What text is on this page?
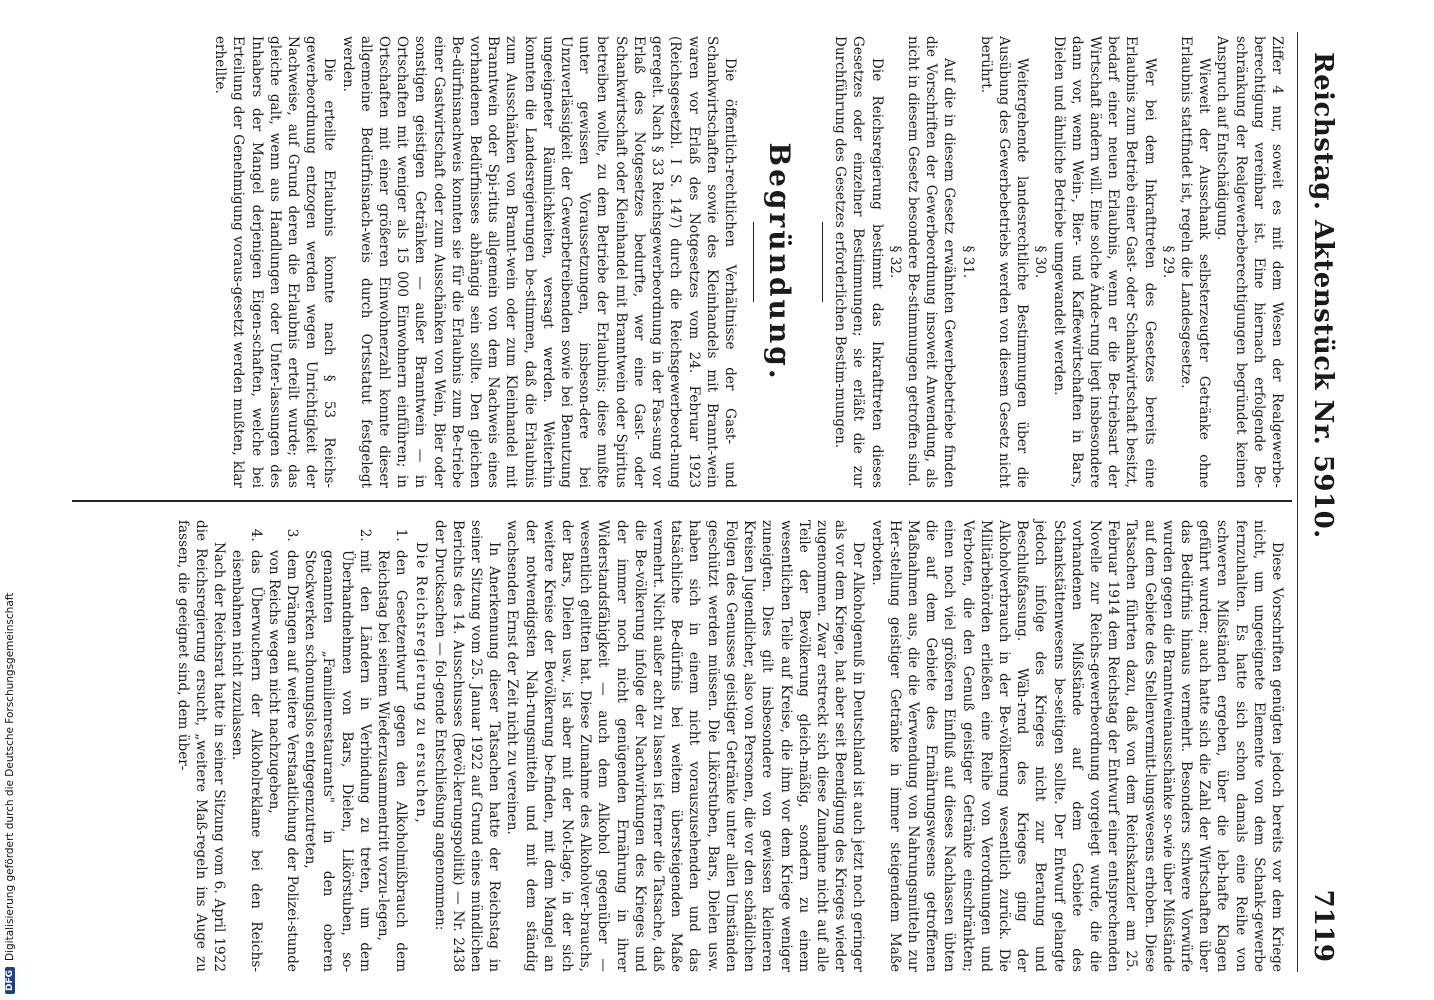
Reichstag. Aktenstück Nr. 5910.
7119

Ziffer 4 nur, soweit es mit dem Wesen der Realgewerbe-berechtigung vereinbar ist. Eine hiernach erfolgende Be-schränkung der Realgewerbeberechtigungen begründet keinen Anspruch auf Entschädigung.

Wieweit der Ausschank selbsterzeugter Getränke ohne Erlaubnis stattfindet ist, regeln die Landesgesetze.

§ 29.

Wer bei dem Inkrafttreten des Gesetzes bereits eine Erlaubnis zum Betrieb einer Gast- oder Schankwirtschaft besitzt, bedarf einer neuen Erlaubnis, wenn er die Be-triebsart der Wirtschaft ändern will. Eine solche Ände-rung liegt insbesondere dann vor, wenn Wein-, Bier- und Kaffeewirtschaften in Bars, Dielen und ähnliche Betriebe umgewandelt werden.

§ 30.

Weitergehende landesrechtliche Bestimmungen über die Ausübung des Gewerbebetriebs werden von diesem Gesetz nicht berührt.

§ 31.

Auf die in diesem Gesetz erwähnten Gewerbebetriebe finden die Vorschriften der Gewerbeordnung insoweit Anwendung, als nicht in diesem Gesetz besondere Be-stimmungen getroffen sind.

§ 32.

Die Reichsregierung bestimmt das Inkrafttreten dieses Gesetzes oder einzelner Bestimmungen; sie erläßt die zur Durchführung des Gesetzes erforderlichen Bestim-mungen.

Begründung.

Die öffentlich-rechtlichen Verhältnisse der Gast- und Schankwirtschaften sowie des Kleinhandels mit Brannt-wein waren vor Erlaß des Notgesetzes vom 24. Februar 1923 (Reichsgesetzbl. I S. 147) durch die Reichsgewerbeord-nung geregelt. Nach § 33 Reichsgewerbeordnung in der Fas-sung vor Erlaß des Notgesetzes bedurfte, wer eine Gast- oder Schankwirtschaft oder Kleinhandel mit Branntwein oder Spiritus betreiben wollte, zu dem Betriebe der Erlaubnis; diese mußte unter gewissen Voraussetzungen, insbeson-dere bei Unzuverlässigkeit der Gewerbetreibenden sowie bei Benutzung ungeeigneter Räumlichkeiten, versagt werden. Weiterhin konnten die Landesregierungen be-stimmen, daß die Erlaubnis zum Ausschänken von Brannt-wein oder zum Kleinhandel mit Branntwein oder Spi-ritus allgemein von dem Nachweis eines vorhandenen Bedürfnisses abhängig sein sollte. Den gleichen Be-dürfnisnachweis konnten sie für die Erlaubnis zum Be-triebe einer Gastwirtschaft oder zum Ausschänken von Wein, Bier oder sonstigen geistigen Getränken — außer Branntwein — in Ortschaften mit weniger als 15 000 Einwohnern einführen; in Ortschaften mit einer größeren Einwohnerzahl konnte dieser allgemeine Bedürfnisnach-weis durch Ortsstatut festgelegt werden.

Die erteilte Erlaubnis konnte nach § 53 Reichs-gewerbeordnung entzogen werden wegen Unrichtigkeit der Nachweise, auf Grund deren die Erlaubnis erteilt wurde; das gleiche galt, wenn aus Handlungen oder Unter-lassungen des Inhabers der Mangel derjenigen Eigen-schaften, welche bei Erteilung der Genehmigung voraus-gesetzt werden mußten, klar erhellte.

Diese Vorschriften genügten jedoch bereits vor dem Kriege nicht, um ungeeignete Elemente von dem Schank-gewerbe fernzuhalten. Es hatte sich schon damals eine Reihe von schweren Mißständen ergeben, über die leb-hafte Klagen geführt wurden; auch hatte sich die Zahl der Wirtschaften über das Bedürfnis hinaus vermehrt. Besonders schwere Vorwürfe wurden gegen die Branntweinausschänke so-wie über Mißstände auf dem Gebiete des Stellenvermitt-lungswesens erhoben. Diese Tatsachen führten dazu, daß von dem Reichskanzler am 25. Februar 1914 dem Reichstag der Entwurf einer entsprechenden Novelle zur Reichs-gewerbeordnung vorgelegt wurde, die die vorhandenen Mißstände auf dem Gebiete des Schankstättenwesens be-seitigen sollte. Der Entwurf gelangte jedoch infolge des Krieges nicht zur Beratung und Beschlußfassung. Wäh-rend des Krieges ging der Alkoholverbrauch in der Be-völkerung wesentlich zurück. Die Militärbehörden erließen eine Reihe von Verordnungen und Verboten, die den Genuß geistiger Getränke einschränkten; einen noch viel größeren Einfluß auf dieses Nachlassen übten die auf dem Gebiete des Ernährungswesens getroffenen Maßnahmen aus, die die Verwendung von Nahrungsmitteln zur Her-stellung geistiger Getränke in immer steigendem Maße verboten.

Der Alkoholgenuß in Deutschland ist auch jetzt noch geringer als vor dem Kriege, hat aber seit Beendigung des Krieges wieder zugenommen. Zwar erstreckt sich diese Zunahme nicht auf alle Teile der Bevölkerung gleich-mäßig, sondern zu einem wesentlichen Teile auf Kreise, die ihm vor dem Kriege weniger zuneigten. Dies gilt insbesondere von gewissen kleineren Kreisen Jugendlicher, also von Personen, die vor den schädlichen Folgen des Genusses geistiger Getränke unter allen Umständen geschützt werden müssen. Die Likörstuben, Bars, Dielen usw. haben sich in einem nicht vorauszusehenden und das tatsächliche Be-dürfnis bei weitem übersteigenden Maße vermehrt. Nicht außer acht zu lassen ist ferner die Tatsache, daß die Be-völkerung infolge der Nachwirkungen des Krieges und der immer noch nicht genügenden Ernährung in ihrer Widerstandsfähigkeit — auch dem Alkohol gegenüber — wesentlich gelitten hat. Diese Zunahme des Alkoholver-brauchs, der Bars, Dielen usw., ist aber mit der Not-lage, in der sich weitere Kreise der Bevölkerung be-finden, mit dem Mangel an der notwendigsten Nah-rungsmitteln und mit dem ständig wachsenden Ernst der Zeit nicht zu vereinen.

In Anerkennung dieser Tatsachen hatte der Reichstag in seiner Sitzung vom 25. Januar 1922 auf Grund eines mündlichen Berichts des 14. Ausschusses (Bevöl-kerungspolitik) — Nr. 2438 der Drucksachen — fol-gende Entschließung angenommen:

Die Reichsregierung zu ersuchen,

1. den Gesetzentwurf gegen den Alkoholmißbrauch dem Reichstag bei seinem Wiederzusammentritt vorzu-legen,
2. mit den Ländern in Verbindung zu treten, um dem Überhandnehmen von Bars, Dielen, Likörstuben, so-genannten „Familienrestaurants" in den oberen Stockwerken schonungslos entgegenzutreten,
3. dem Drängen auf weitere Verstaatlichung der Polizei-stunde von Reichs wegen nicht nachzugeben,
4. das Überwuchern der Alkoholreklame bei den Reichs-eisenbahnen nicht zuzulassen.

Nach der Reichsrat hatte in seiner Sitzung vom 6. April 1922 die Reichsregierung ersucht, „weitere Maß-regeln ins Auge zu fassen, die geeignet sind, dem über-

DFGDigitalisierung gefördert durch die Deutsche Forschungsgemeinschaft
